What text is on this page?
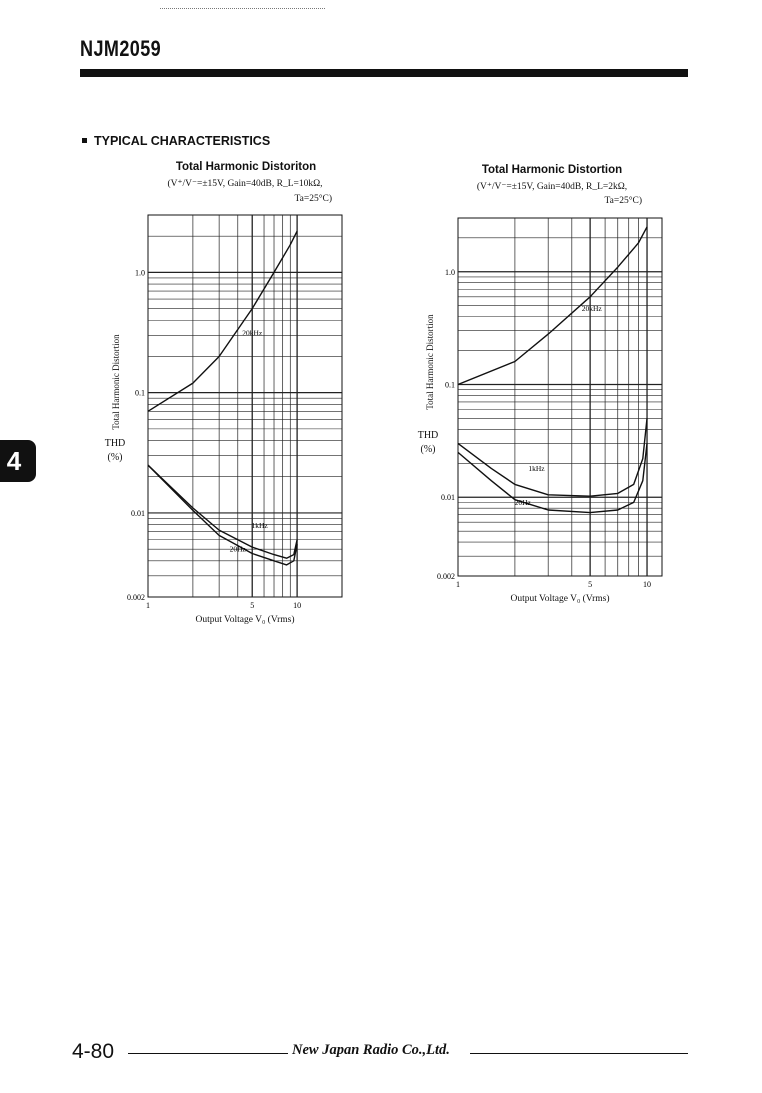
NJM2059
TYPICAL CHARACTERISTICS
4
Total Harmonic Distoriton
(V⁺/V⁻=±15V, Gain=40dB, R_L=10kΩ,
Ta=25°C)
Total Harmonic Distortion
THD
(%)
Output Voltage V₀ (Vrms)
Total Harmonic Distortion
(V⁺/V⁻=±15V, Gain=40dB, R_L=2kΩ,
Ta=25°C)
Total Harmonic Distortion
THD
(%)
Output Voltage V₀ (Vrms)
0.002
0.01
0.1
1.0
1	5	10
20kHz
1kHz
20Hz
0.002
0.01
0.1
1.0
1	5	10
20kHz
1kHz
20Hz
4-80	New Japan Radio Co.,Ltd.
